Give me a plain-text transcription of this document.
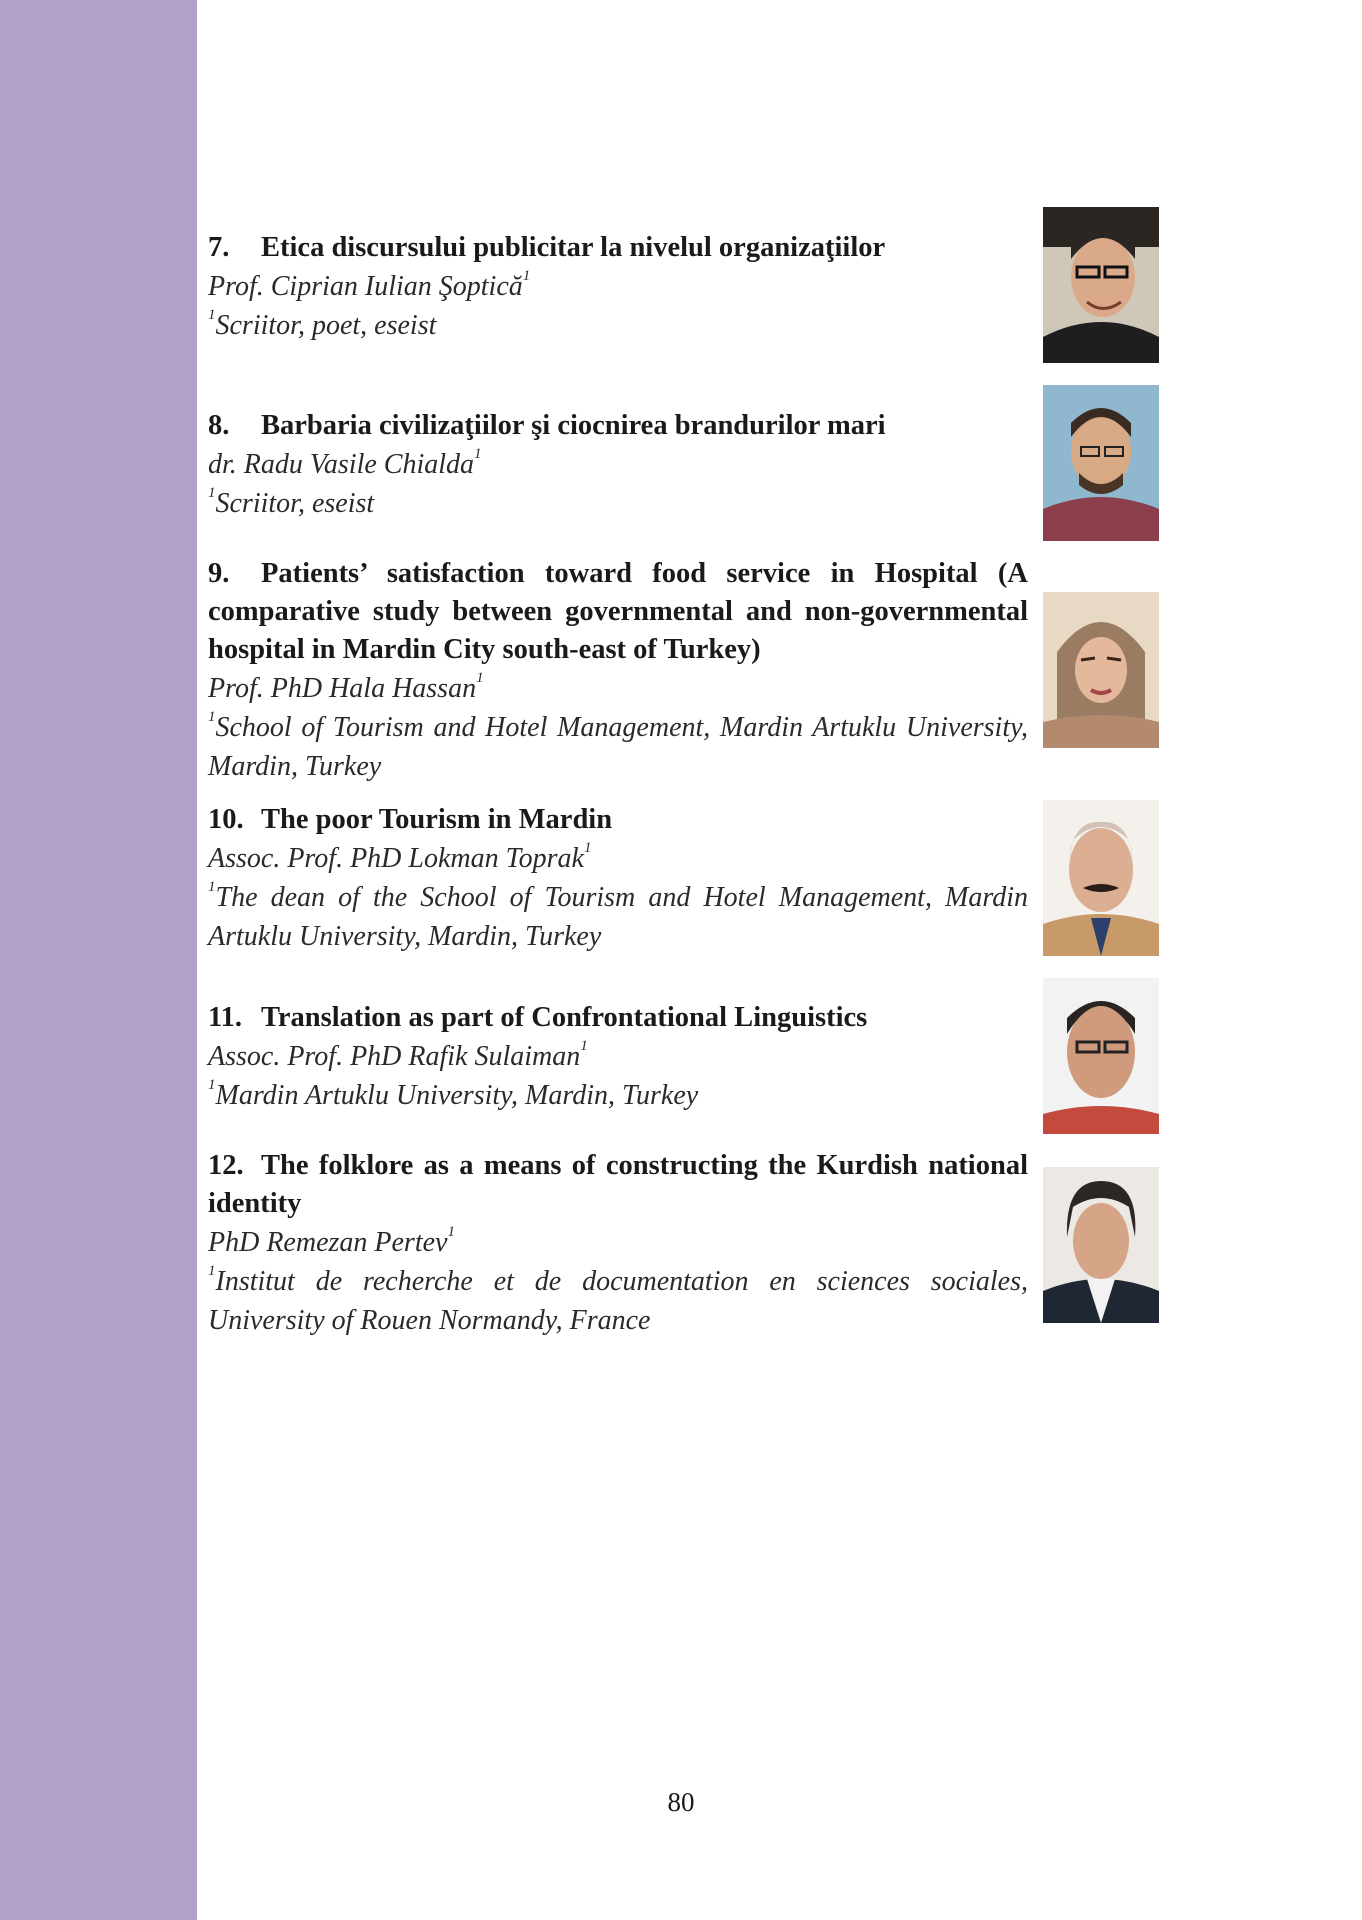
7. Etica discursului publicitar la nivelul organizaţiilor

Prof. Ciprian Iulian Şoptică$^1$

$^1$Scriitor, poet, eseist

8. Barbaria civilizaţiilor şi ciocnirea brandurilor mari

dr. Radu Vasile Chialda$^1$

$^1$Scriitor, eseist

9. Patients’ satisfaction toward food service in Hospital (A comparative study between governmental and non-governmental hospital in Mardin City south-east of Turkey)

Prof. PhD Hala Hassan$^1$

$^1$School of Tourism and Hotel Management, Mardin Artuklu University, Mardin, Turkey

10. The poor Tourism in Mardin

Assoc. Prof. PhD Lokman Toprak$^1$

$^1$The dean of the School of Tourism and Hotel Management, Mardin Artuklu University, Mardin, Turkey

11. Translation as part of Confrontational Linguistics

Assoc. Prof. PhD Rafik Sulaiman$^1$

$^1$Mardin Artuklu University, Mardin, Turkey

12. The folklore as a means of constructing the Kurdish national identity

PhD Remezan Pertev$^1$

$^1$Institut de recherche et de documentation en sciences sociales, University of Rouen Normandy, France

80
